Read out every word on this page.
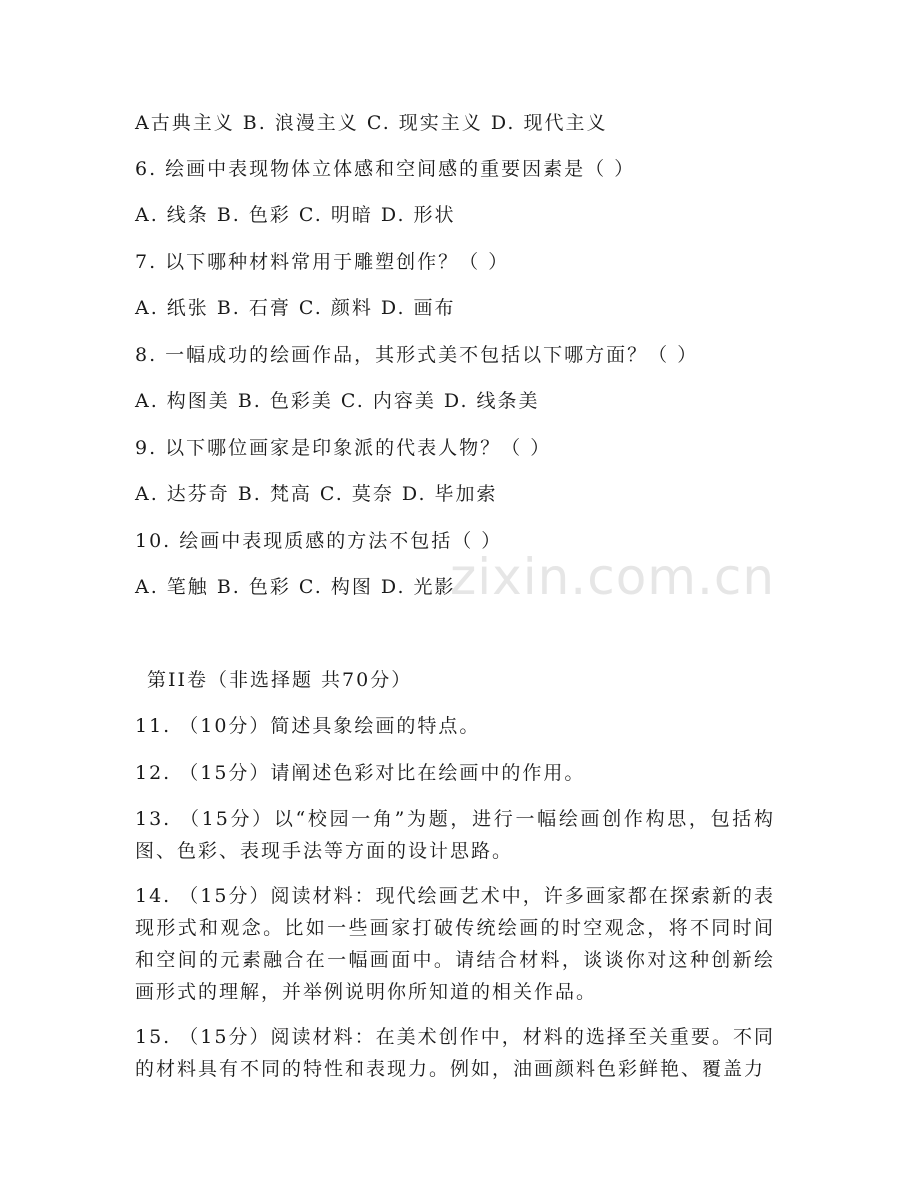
zixin.com.cn
A古典主义 B. 浪漫主义 C. 现实主义 D. 现代主义
6. 绘画中表现物体立体感和空间感的重要因素是（ ）
A. 线条 B. 色彩 C. 明暗 D. 形状
7. 以下哪种材料常用于雕塑创作？（ ）
A. 纸张 B. 石膏 C. 颜料 D. 画布
8. 一幅成功的绘画作品，其形式美不包括以下哪方面？（ ）
A. 构图美 B. 色彩美 C. 内容美 D. 线条美
9. 以下哪位画家是印象派的代表人物？（ ）
A. 达芬奇 B. 梵高 C. 莫奈 D. 毕加索
10. 绘画中表现质感的方法不包括（ ）
A. 笔触 B. 色彩 C. 构图 D. 光影
第II卷（非选择题 共70分）
11. （10分）简述具象绘画的特点。
12. （15分）请阐述色彩对比在绘画中的作用。
13. （15分）以“校园一角”为题，进行一幅绘画创作构思，包括构图、色彩、表现手法等方面的设计思路。
14. （15分）阅读材料：现代绘画艺术中，许多画家都在探索新的表现形式和观念。比如一些画家打破传统绘画的时空观念，将不同时间和空间的元素融合在一幅画面中。请结合材料，谈谈你对这种创新绘画形式的理解，并举例说明你所知道的相关作品。
15. （15分）阅读材料：在美术创作中，材料的选择至关重要。不同的材料具有不同的特性和表现力。例如，油画颜料色彩鲜艳、覆盖力
